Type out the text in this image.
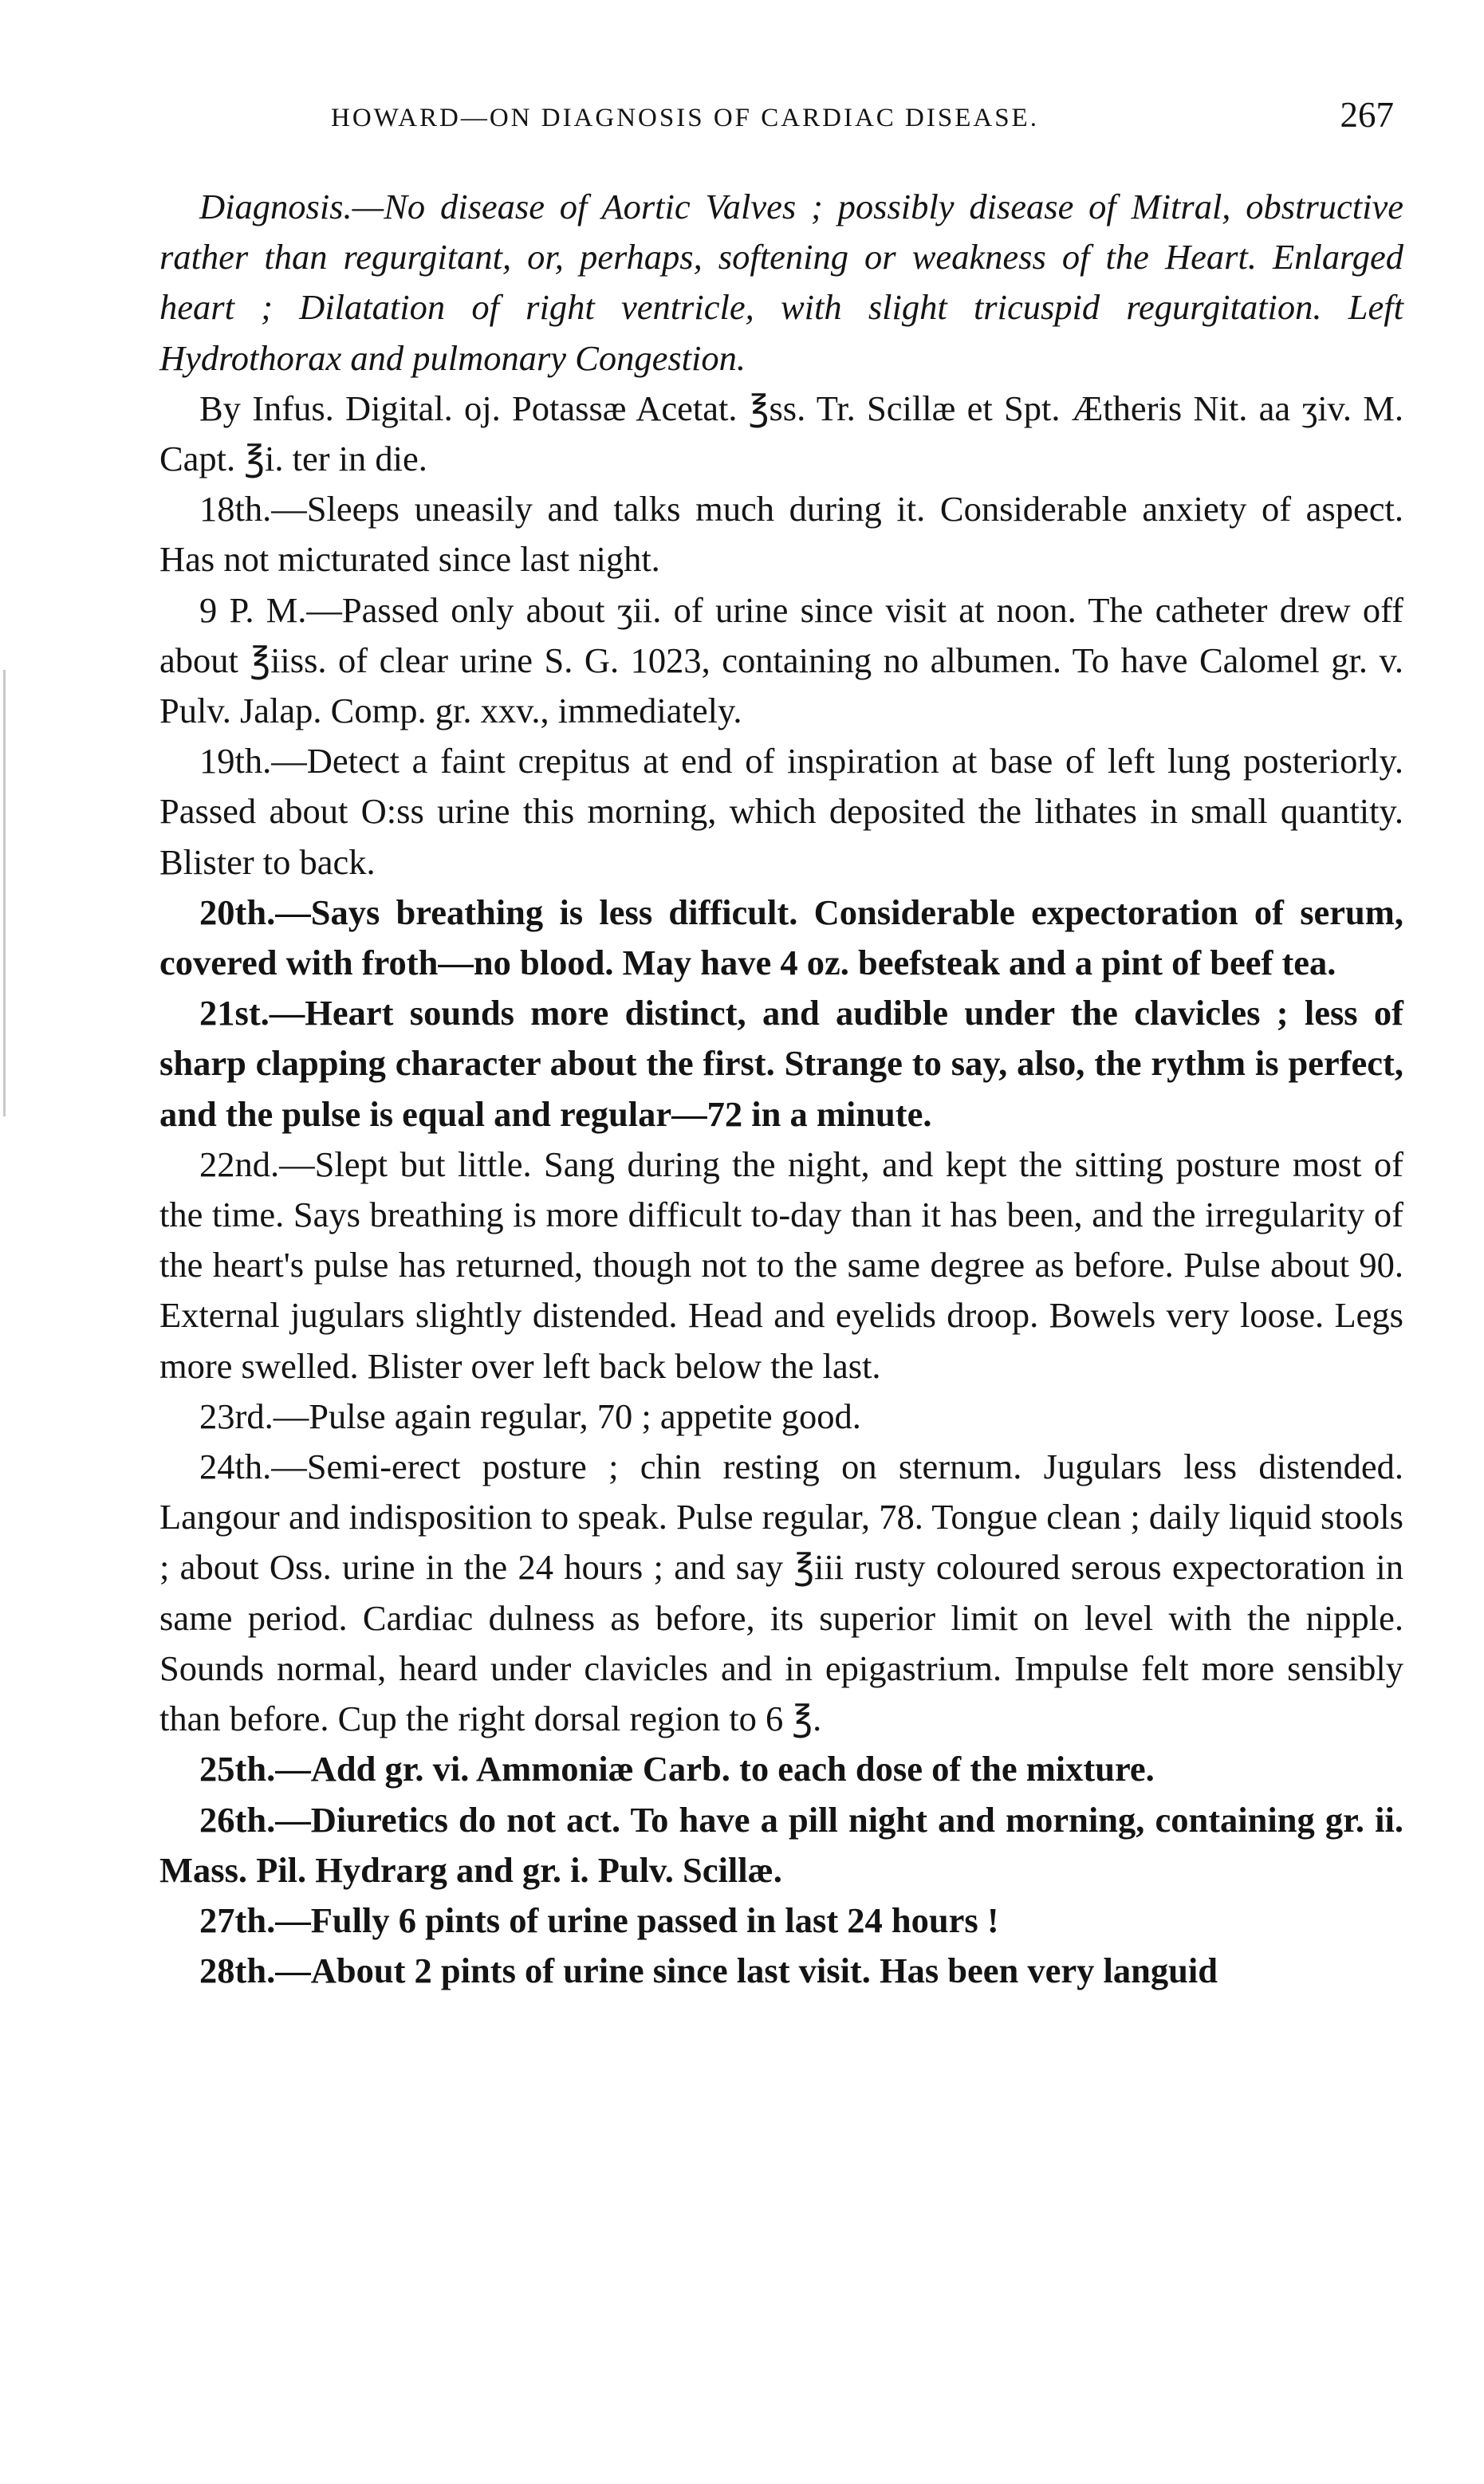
HOWARD—ON DIAGNOSIS OF CARDIAC DISEASE.	267

Diagnosis.—No disease of Aortic Valves ; possibly disease of Mitral, obstructive rather than regurgitant, or, perhaps, softening or weakness of the Heart. Enlarged heart ; Dilatation of right ventricle, with slight tricuspid regurgitation. Left Hydrothorax and pulmonary Congestion.

By Infus. Digital. oj. Potassæ Acetat. ℥ss. Tr. Scillæ et Spt. Ætheris Nit. aa ʒiv. M. Capt. ℥i. ter in die.

18th.—Sleeps uneasily and talks much during it. Considerable anxiety of aspect. Has not micturated since last night.

9 P. M.—Passed only about ʒii. of urine since visit at noon. The catheter drew off about ℥iiss. of clear urine S. G. 1023, containing no albumen. To have Calomel gr. v. Pulv. Jalap. Comp. gr. xxv., immediately.

19th.—Detect a faint crepitus at end of inspiration at base of left lung posteriorly. Passed about O:ss urine this morning, which deposited the lithates in small quantity. Blister to back.

20th.—Says breathing is less difficult. Considerable expectoration of serum, covered with froth—no blood. May have 4 oz. beefsteak and a pint of beef tea.

21st.—Heart sounds more distinct, and audible under the clavicles ; less of sharp clapping character about the first. Strange to say, also, the rythm is perfect, and the pulse is equal and regular—72 in a minute.

22nd.—Slept but little. Sang during the night, and kept the sitting posture most of the time. Says breathing is more difficult to-day than it has been, and the irregularity of the heart's pulse has returned, though not to the same degree as before. Pulse about 90. External jugulars slightly distended. Head and eyelids droop. Bowels very loose. Legs more swelled. Blister over left back below the last.

23rd.—Pulse again regular, 70 ; appetite good.

24th.—Semi-erect posture ; chin resting on sternum. Jugulars less distended. Langour and indisposition to speak. Pulse regular, 78. Tongue clean ; daily liquid stools ; about Oss. urine in the 24 hours ; and say ℥iii rusty coloured serous expectoration in same period. Cardiac dulness as before, its superior limit on level with the nipple. Sounds normal, heard under clavicles and in epigastrium. Impulse felt more sensibly than before. Cup the right dorsal region to 6 ℥.

25th.—Add gr. vi. Ammoniæ Carb. to each dose of the mixture.

26th.—Diuretics do not act. To have a pill night and morning, containing gr. ii. Mass. Pil. Hydrarg and gr. i. Pulv. Scillæ.

27th.—Fully 6 pints of urine passed in last 24 hours !

28th.—About 2 pints of urine since last visit. Has been very languid
